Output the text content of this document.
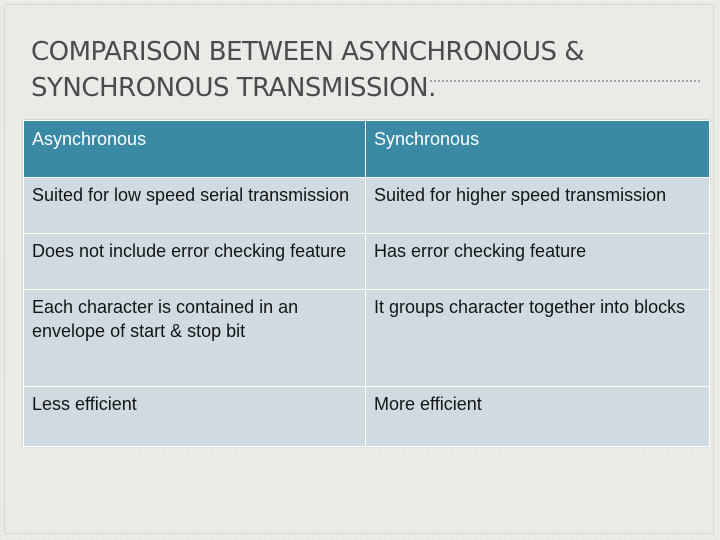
COMPARISON BETWEEN ASYNCHRONOUS &
SYNCHRONOUS TRANSMISSION.
Asynchronous	Synchronous
Suited for low speed serial transmission	Suited for higher speed transmission
Does not include error checking feature	Has error checking feature
Each character is contained in an envelope of start & stop bit	It groups character together into blocks
Less efficient	More efficient
